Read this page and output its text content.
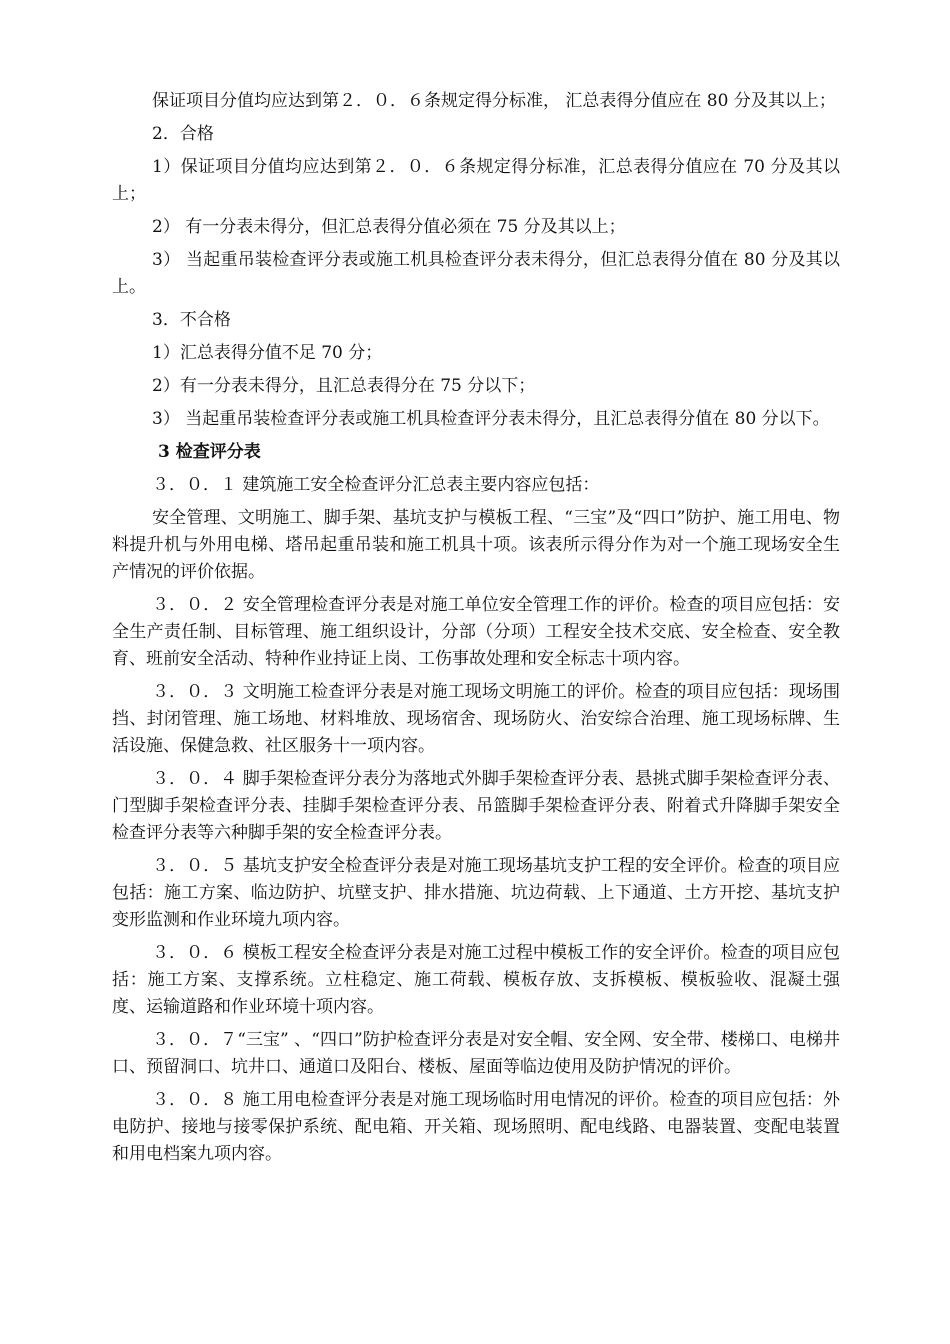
保证项目分值均应达到第２．０．６条规定得分标准， 汇总表得分值应在 80 分及其以上；

2．合格

1）保证项目分值均应达到第２．０．６条规定得分标准，汇总表得分值应在 70 分及其以上；

2） 有一分表未得分，但汇总表得分值必须在 75 分及其以上；

3） 当起重吊装检查评分表或施工机具检查评分表未得分，但汇总表得分值在 80 分及其以上。

3．不合格

1）汇总表得分值不足 70 分；

2）有一分表未得分，且汇总表得分在 75 分以下；

3） 当起重吊装检查评分表或施工机具检查评分表未得分，且汇总表得分值在 80 分以下。

3 检查评分表

３．０．１ 建筑施工安全检查评分汇总表主要内容应包括：

安全管理、文明施工、脚手架、基坑支护与模板工程、“三宝”及“四口”防护、施工用电、物料提升机与外用电梯、塔吊起重吊装和施工机具十项。该表所示得分作为对一个施工现场安全生产情况的评价依据。

３．０．２ 安全管理检查评分表是对施工单位安全管理工作的评价。检查的项目应包括：安全生产责任制、目标管理、施工组织设计，分部（分项）工程安全技术交底、安全检查、安全教育、班前安全活动、特种作业持证上岗、工伤事故处理和安全标志十项内容。

３．０．３ 文明施工检查评分表是对施工现场文明施工的评价。检查的项目应包括：现场围挡、封闭管理、施工场地、材料堆放、现场宿舍、现场防火、治安综合治理、施工现场标牌、生活设施、保健急救、社区服务十一项内容。

３．０．４ 脚手架检查评分表分为落地式外脚手架检查评分表、悬挑式脚手架检查评分表、门型脚手架检查评分表、挂脚手架检查评分表、吊篮脚手架检查评分表、附着式升降脚手架安全检查评分表等六种脚手架的安全检查评分表。

３．０．５ 基坑支护安全检查评分表是对施工现场基坑支护工程的安全评价。检查的项目应包括：施工方案、临边防护、坑壁支护、排水措施、坑边荷载、上下通道、土方开挖、基坑支护变形监测和作业环境九项内容。

３．０．６ 模板工程安全检查评分表是对施工过程中模板工作的安全评价。检查的项目应包括：施工方案、支撑系统。立柱稳定、施工荷载、模板存放、支拆模板、模板验收、混凝土强度、运输道路和作业环境十项内容。

３．０．７“三宝” 、“四口”防护检查评分表是对安全帽、安全网、安全带、楼梯口、电梯井口、预留洞口、坑井口、通道口及阳台、楼板、屋面等临边使用及防护情况的评价。

３．０．８ 施工用电检查评分表是对施工现场临时用电情况的评价。检查的项目应包括：外电防护、接地与接零保护系统、配电箱、开关箱、现场照明、配电线路、电器装置、变配电装置和用电档案九项内容。
